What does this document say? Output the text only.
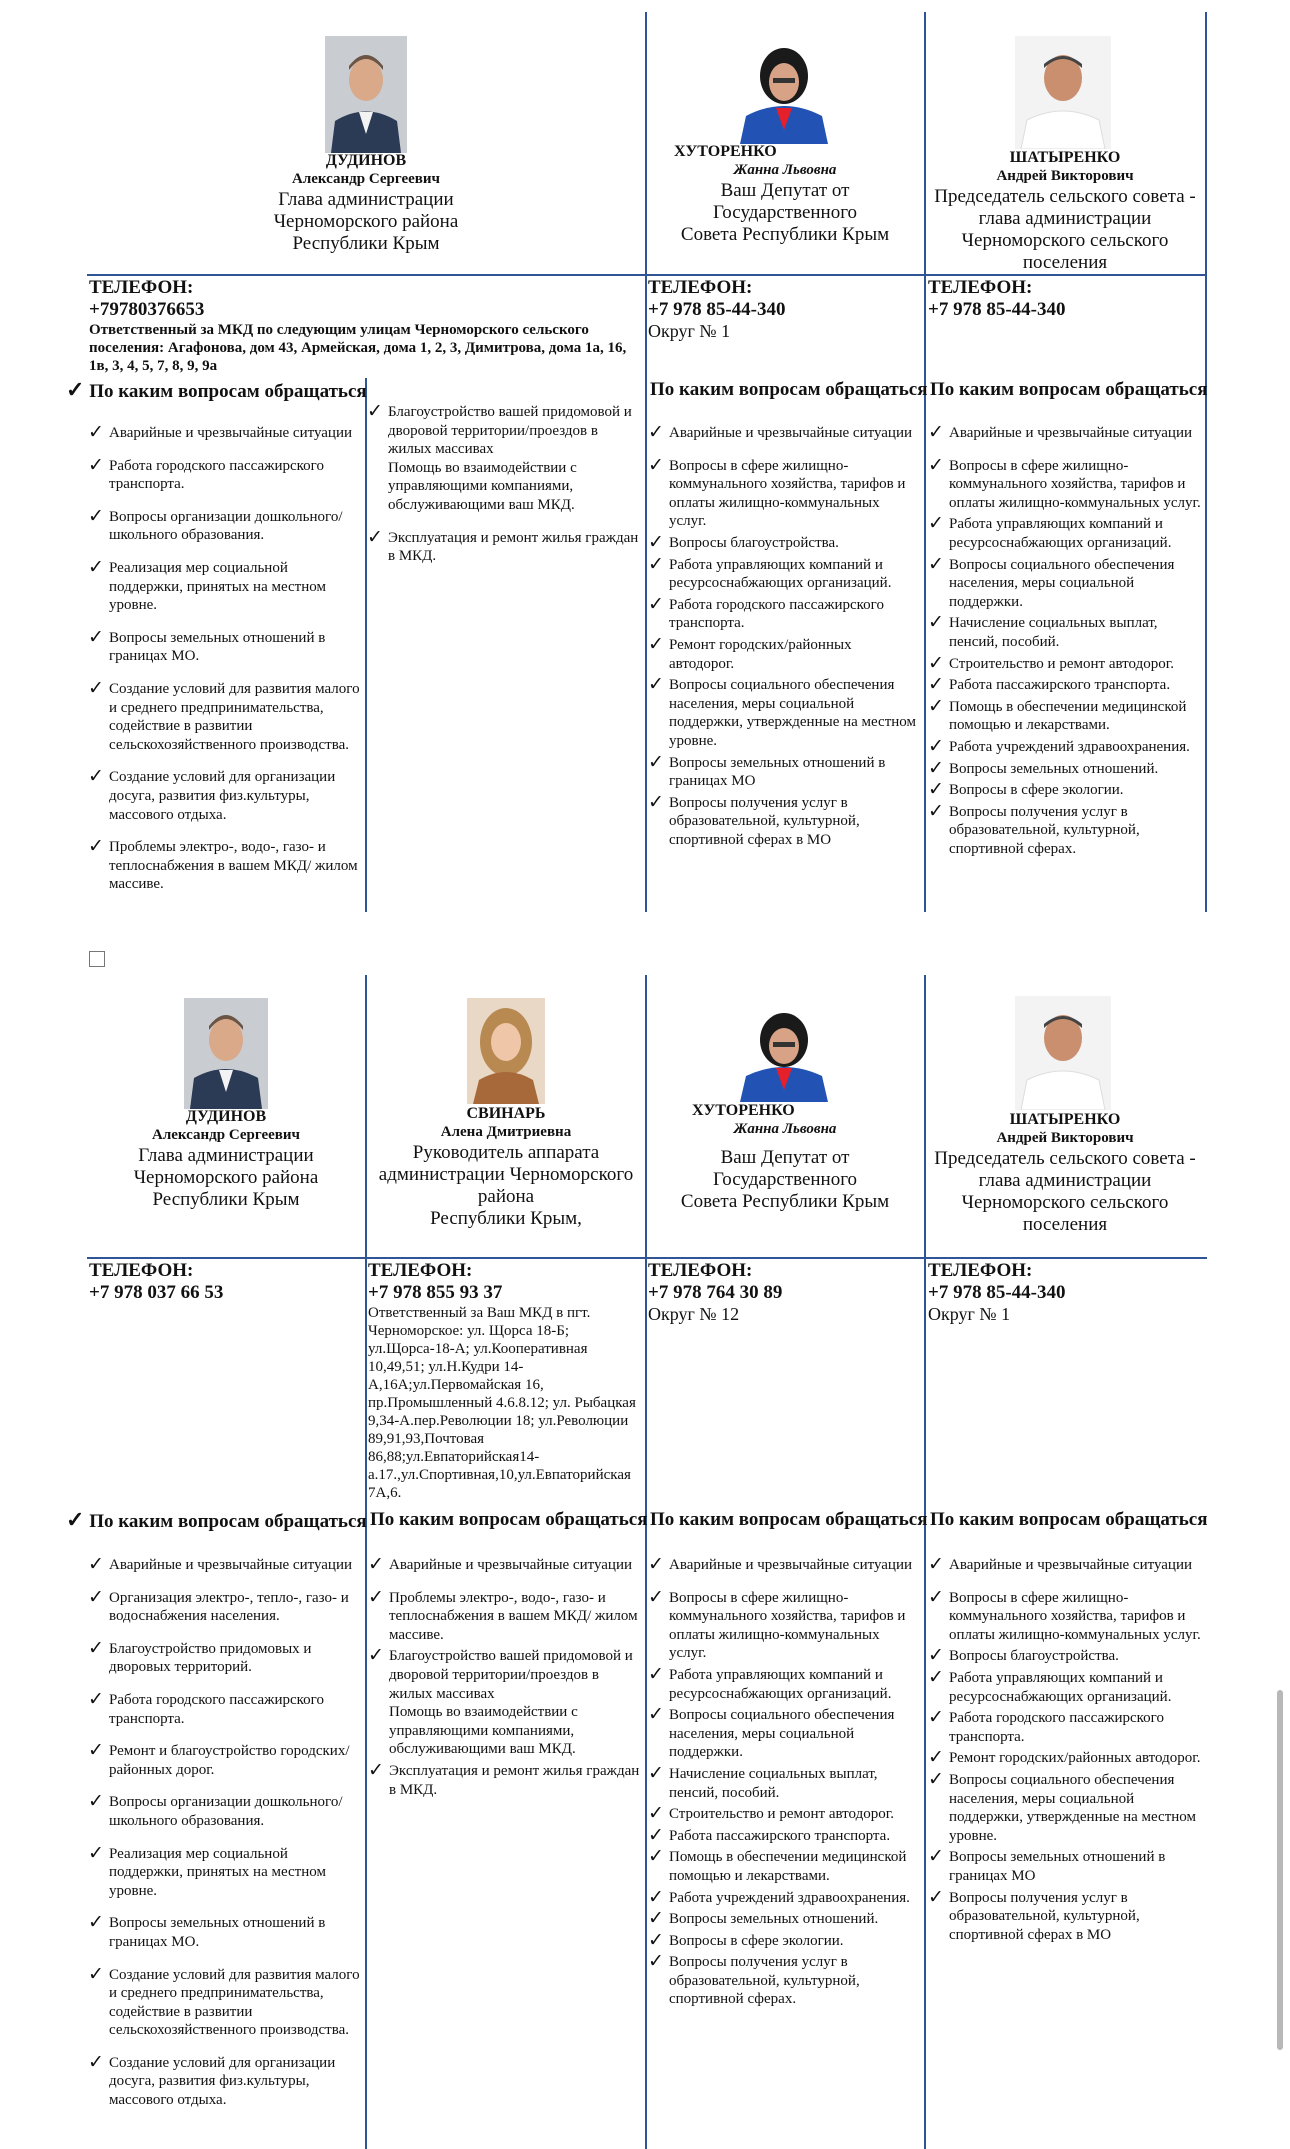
ДУДИНОВ
Александр Сергеевич
Глава администрации
Черноморского района
Республики Крым
ХУТОРЕНКО
Жанна Львовна
Ваш Депутат от Государственного
Совета Республики Крым
ШАТЫРЕНКО
Андрей Викторович
Председатель сельского совета -
глава администрации
Черноморского сельского
поселения
ТЕЛЕФОН:
+79780376653
Ответственный за МКД по следующим улицам Черноморского сельского поселения: Агафонова, дом 43, Армейская, дома 1, 2, 3, Димитрова, дома 1а, 16, 1в, 3, 4, 5, 7, 8, 9, 9а
ТЕЛЕФОН:
+7 978 85-44-340
Округ № 1
ТЕЛЕФОН:
+7 978 85-44-340
✓ По каким вопросам обращаться	По каким вопросам обращаться По каким вопросам обращаться
✓ Аварийные и чрезвычайные ситуации
✓ Работа городского пассажирского транспорта.
✓ Вопросы организации дошкольного/ школьного образования.
✓ Реализация мер социальной поддержки, принятых на местном уровне.
✓ Вопросы земельных отношений в границах МО.
✓ Создание условий для развития малого и среднего предпринимательства, содействие в развитии сельскохозяйственного производства.
✓ Создание условий для организации досуга, развития физ.культуры, массового отдыха.
✓ Проблемы электро-, водо-, газо- и теплоснабжения в вашем МКД/ жилом массиве.
✓ Благоустройство вашей придомовой и дворовой территории/проездов в жилых массивах
Помощь во взаимодействии с управляющими компаниями, обслуживающими ваш МКД.
✓ Эксплуатация и ремонт жилья граждан в МКД.
✓ Аварийные и чрезвычайные ситуации
✓ Вопросы в сфере жилищно-коммунального хозяйства, тарифов и оплаты жилищно-коммунальных услуг.
✓ Вопросы благоустройства.
✓ Работа управляющих компаний и ресурсоснабжающих организаций.
✓ Работа городского пассажирского транспорта.
✓ Ремонт городских/районных автодорог.
✓ Вопросы социального обеспечения населения, меры социальной поддержки, утвержденные на местном уровне.
✓ Вопросы земельных отношений в границах МО
✓ Вопросы получения услуг в образовательной, культурной, спортивной сферах в МО
✓ Аварийные и чрезвычайные ситуации
✓ Вопросы в сфере жилищно-коммунального хозяйства, тарифов и оплаты жилищно-коммунальных услуг.
✓ Работа управляющих компаний и ресурсоснабжающих организаций.
✓ Вопросы социального обеспечения населения, меры социальной поддержки.
✓ Начисление социальных выплат, пенсий, пособий.
✓ Строительство и ремонт автодорог.
✓ Работа пассажирского транспорта.
✓ Помощь в обеспечении медицинской помощью и лекарствами.
✓ Работа учреждений здравоохранения.
✓ Вопросы земельных отношений.
✓ Вопросы в сфере экологии.
✓ Вопросы получения услуг в образовательной, культурной, спортивной сферах.
ДУДИНОВ
Александр Сергеевич
Глава администрации
Черноморского района
Республики Крым
СВИНАРЬ
Алена Дмитриевна
Руководитель аппарата
администрации Черноморского
района
Республики Крым,
ХУТОРЕНКО
Жанна Львовна
Ваш Депутат от Государственного
Совета Республики Крым
ШАТЫРЕНКО
Андрей Викторович
Председатель сельского совета -
глава администрации
Черноморского сельского
поселения
ТЕЛЕФОН:
+7 978 037 66 53
ТЕЛЕФОН:
+7 978 855 93 37
Ответственный за Ваш МКД в пгт. Черноморское: ул. Щорса 18-Б; ул.Щорса-18-А; ул.Кооперативная 10,49,51; ул.Н.Кудри 14-А,16А;ул.Первомайская 16, пр.Промышленный 4.6.8.12; ул. Рыбацкая 9,34-А.пер.Революции 18; ул.Революции 89,91,93,Почтовая 86,88;ул.Евпаторийская14-а.17.,ул.Спортивная,10,ул.Евпаторийская 7А,6.
ТЕЛЕФОН:
+7 978 764 30 89
Округ № 12
ТЕЛЕФОН:
+7 978 85-44-340
Округ № 1
✓ По каким вопросам обращаться По каким вопросам обращаться По каким вопросам обращаться По каким вопросам обращаться
✓ Аварийные и чрезвычайные ситуации
✓ Организация электро-, тепло-, газо- и водоснабжения населения.
✓ Благоустройство придомовых и дворовых территорий.
✓ Работа городского пассажирского транспорта.
✓ Ремонт и благоустройство городских/ районных дорог.
✓ Вопросы организации дошкольного/ школьного образования.
✓ Реализация мер социальной поддержки, принятых на местном уровне.
✓ Вопросы земельных отношений в границах МО.
✓ Создание условий для развития малого и среднего предпринимательства, содействие в развитии сельскохозяйственного производства.
✓ Создание условий для организации досуга, развития физ.культуры, массового отдыха.
✓ Аварийные и чрезвычайные ситуации
✓ Проблемы электро-, водо-, газо- и теплоснабжения в вашем МКД/ жилом массиве.
✓ Благоустройство вашей придомовой и дворовой территории/проездов в жилых массивах
Помощь во взаимодействии с управляющими компаниями, обслуживающими ваш МКД.
✓ Эксплуатация и ремонт жилья граждан в МКД.
✓ Аварийные и чрезвычайные ситуации
✓ Вопросы в сфере жилищно-коммунального хозяйства, тарифов и оплаты жилищно-коммунальных услуг.
✓ Работа управляющих компаний и ресурсоснабжающих организаций.
✓ Вопросы социального обеспечения населения, меры социальной поддержки.
✓ Начисление социальных выплат, пенсий, пособий.
✓ Строительство и ремонт автодорог.
✓ Работа пассажирского транспорта.
✓ Помощь в обеспечении медицинской помощью и лекарствами.
✓ Работа учреждений здравоохранения.
✓ Вопросы земельных отношений.
✓ Вопросы в сфере экологии.
✓ Вопросы получения услуг в образовательной, культурной, спортивной сферах.
✓ Аварийные и чрезвычайные ситуации
✓ Вопросы в сфере жилищно-коммунального хозяйства, тарифов и оплаты жилищно-коммунальных услуг.
✓ Вопросы благоустройства.
✓ Работа управляющих компаний и ресурсоснабжающих организаций.
✓ Работа городского пассажирского транспорта.
✓ Ремонт городских/районных автодорог.
✓ Вопросы социального обеспечения населения, меры социальной поддержки, утвержденные на местном уровне.
✓ Вопросы земельных отношений в границах МО
✓ Вопросы получения услуг в образовательной, культурной, спортивной сферах в МО
